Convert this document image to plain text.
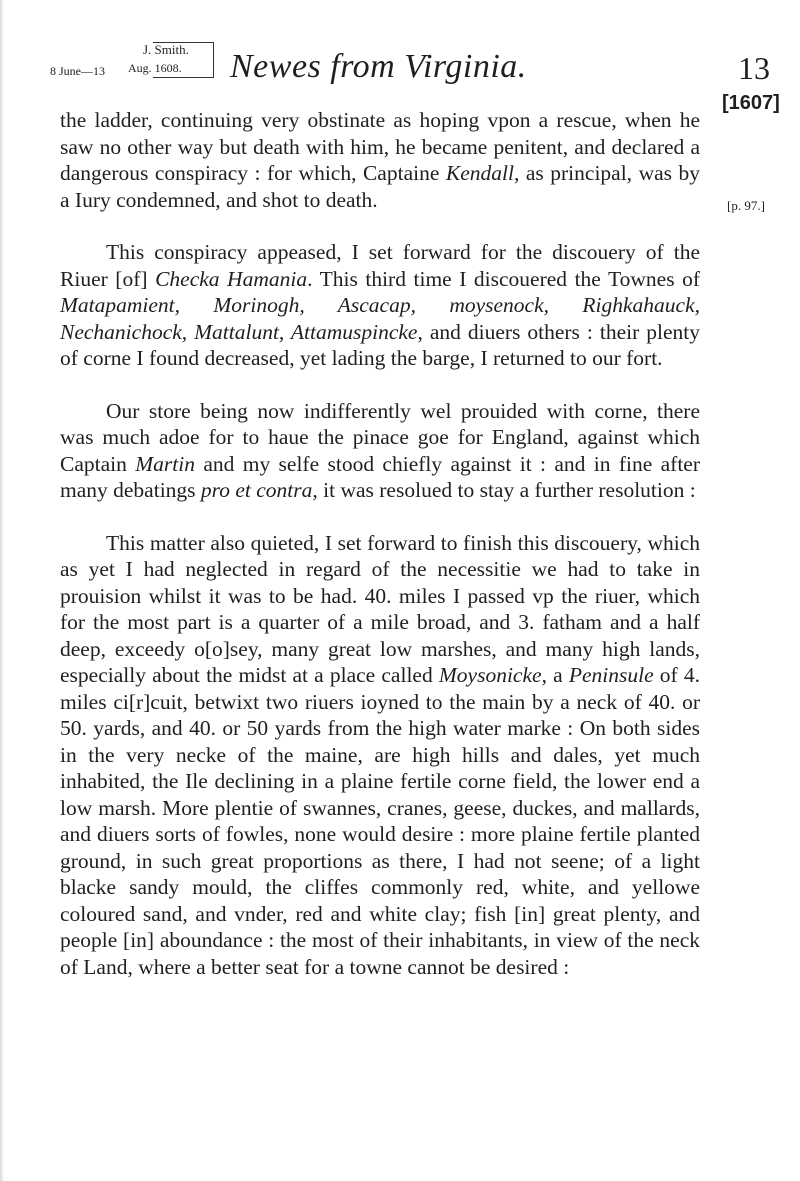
8 June—13
J. Smith.
Aug. 1608. Newes from Virginia.	13
[1607]
[p. 97.]

the ladder, continuing very obstinate as hoping vpon a rescue, when he saw no other way but death with him, he became penitent, and declared a dangerous conspiracy : for which, Captaine Kendall, as principal, was by a Iury condemned, and shot to death.

This conspiracy appeased, I set forward for the discouery of the Riuer [of] Checka Hamania. This third time I discouered the Townes of Matapamient, Morinogh, Ascacap, moysenock, Righkahauck, Nechanichock, Mattalunt, Attamuspincke, and diuers others : their plenty of corne I found decreased, yet lading the barge, I returned to our fort.

Our store being now indifferently wel prouided with corne, there was much adoe for to haue the pinace goe for England, against which Captain Martin and my selfe stood chiefly against it : and in fine after many debatings pro et contra, it was resolued to stay a further resolution :

This matter also quieted, I set forward to finish this discouery, which as yet I had neglected in regard of the necessitie we had to take in prouision whilst it was to be had. 40. miles I passed vp the riuer, which for the most part is a quarter of a mile broad, and 3. fatham and a half deep, exceedy o[o]sey, many great low marshes, and many high lands, especially about the midst at a place called Moysonicke, a Peninsule of 4. miles ci[r]cuit, betwixt two riuers ioyned to the main by a neck of 40. or 50. yards, and 40. or 50 yards from the high water marke : On both sides in the very necke of the maine, are high hills and dales, yet much inhabited, the Ile declining in a plaine fertile corne field, the lower end a low marsh. More plentie of swannes, cranes, geese, duckes, and mallards, and diuers sorts of fowles, none would desire : more plaine fertile planted ground, in such great proportions as there, I had not seene; of a light blacke sandy mould, the cliffes commonly red, white, and yellowe coloured sand, and vnder, red and white clay; fish [in] great plenty, and people [in] aboundance : the most of their inhabitants, in view of the neck of Land, where a better seat for a towne cannot be desired :
